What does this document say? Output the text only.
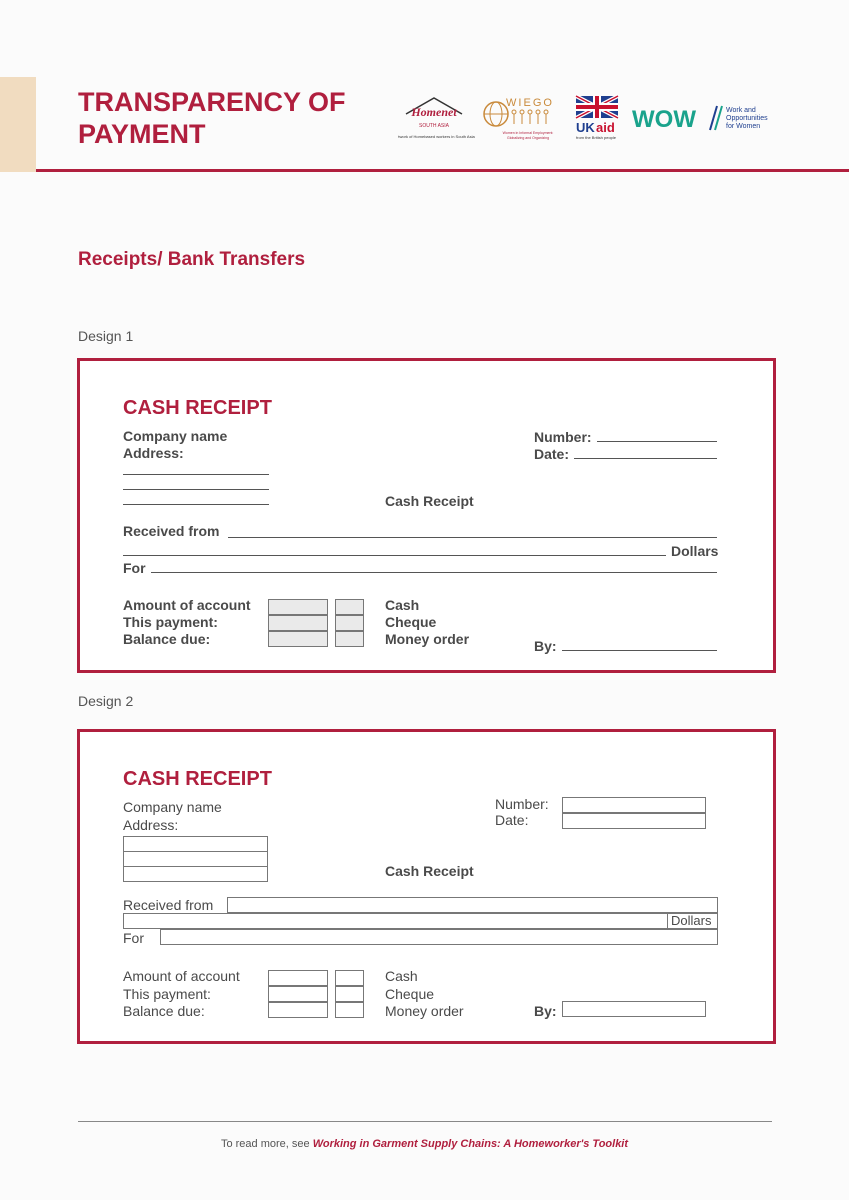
TRANSPARENCY OF
PAYMENT
Homenet
SOUTH ASIA
Network of Homebased workers in South Asia
WIEGO
Women in Informal Employment:
Globalizing and Organizing
UK aid
from the British people
WOW	Work and
Opportunities
for Women
Receipts/ Bank Transfers
Design 1
CASH RECEIPT
Company name
Address:
Number:
Date:
Cash Receipt
Received from
Dollars
For
Amount of account
This payment:
Balance due:
Cash
Cheque
Money order	By:
Design 2
CASH RECEIPT
Company name
Address:
Number:
Date:
Cash Receipt
Received from
Dollars
For
Amount of account
This payment:
Balance due:
Cash
Cheque
Money order	By:
To read more, see Working in Garment Supply Chains: A Homeworker's Toolkit
